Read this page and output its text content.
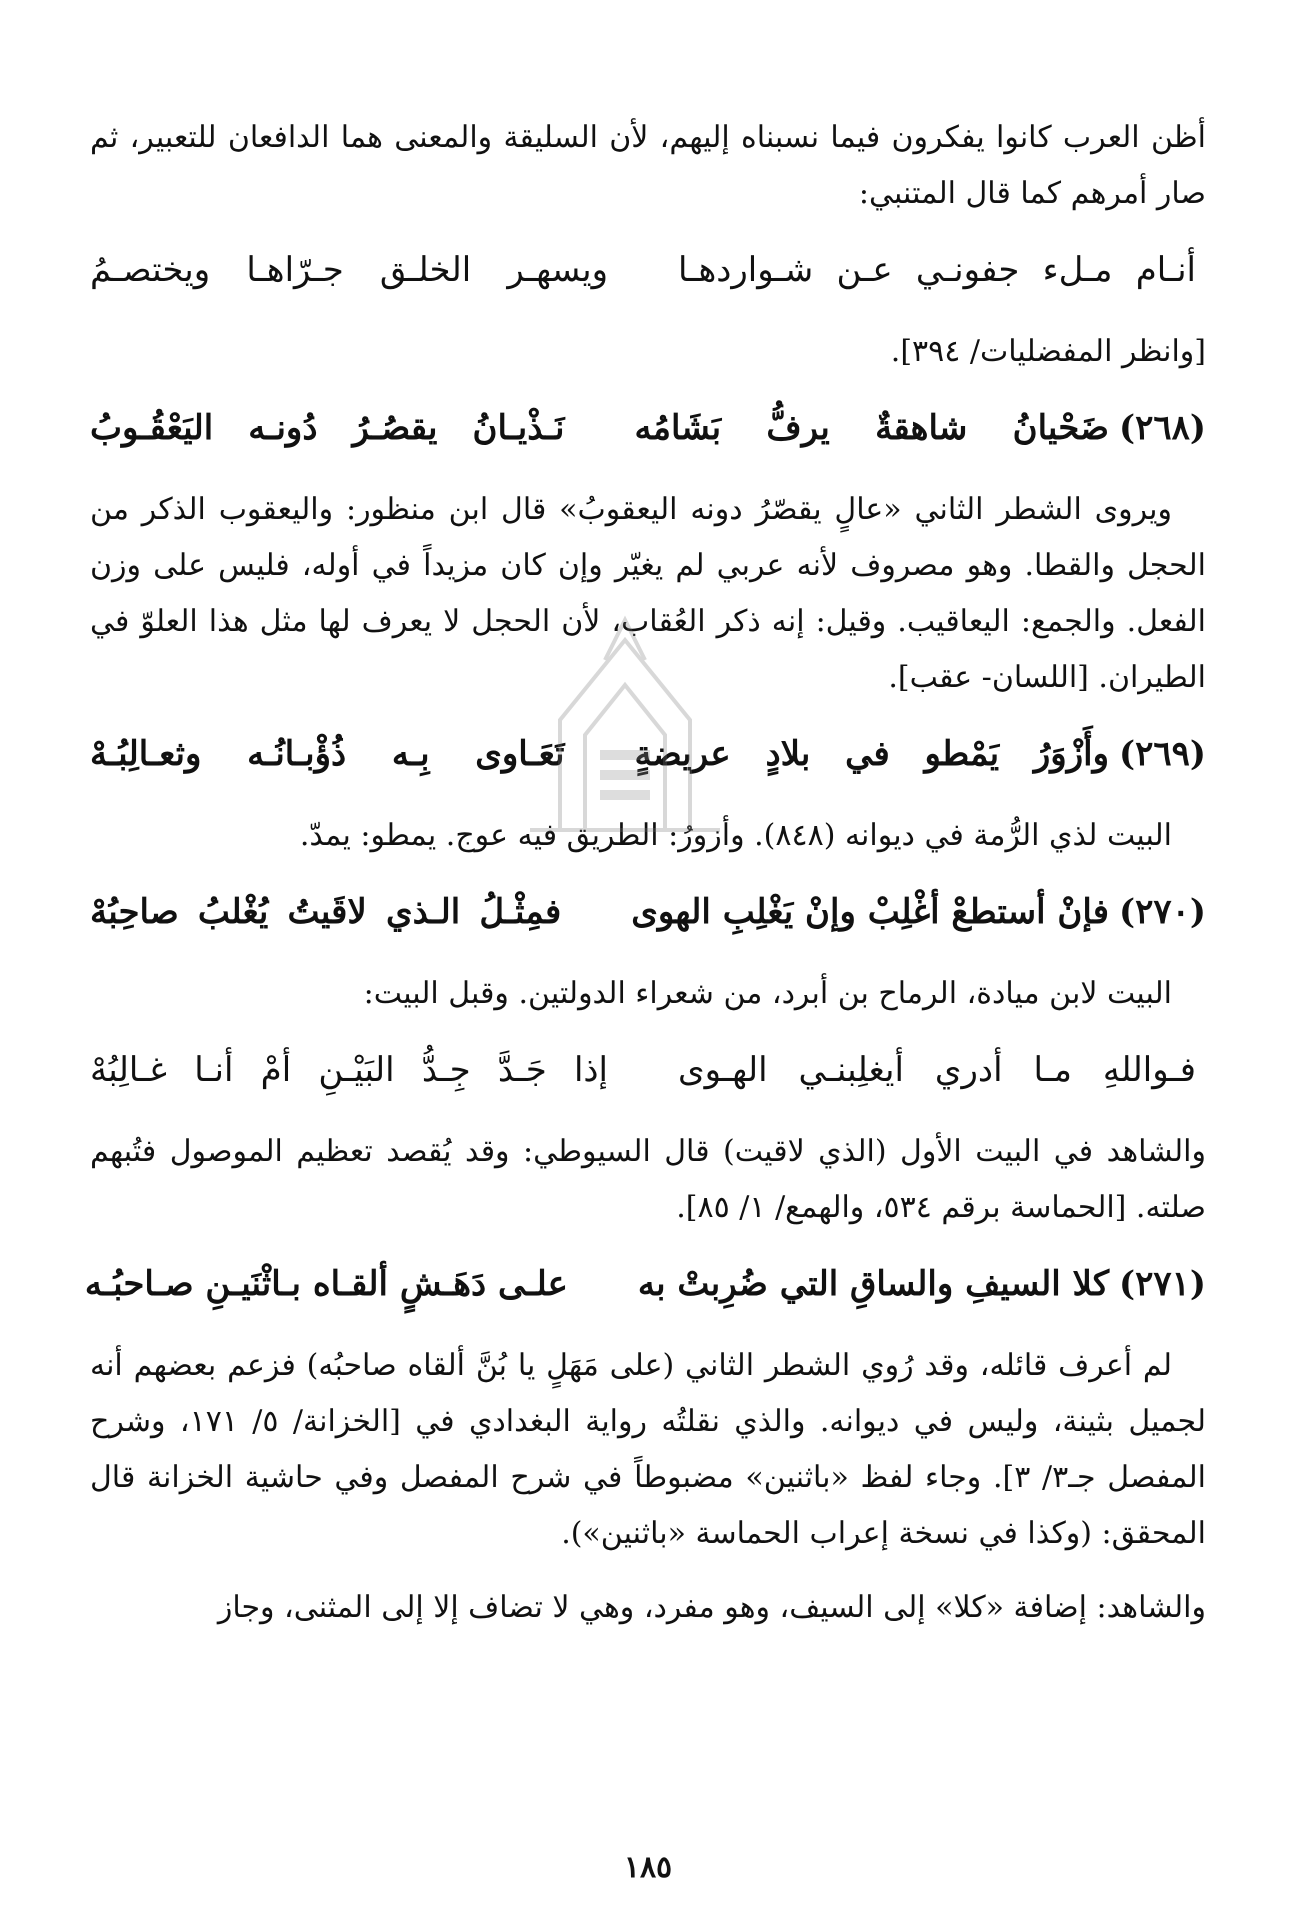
أظن العرب كانوا يفكرون فيما نسبناه إليهم، لأن السليقة والمعنى هما الدافعان للتعبير، ثم صار أمرهم كما قال المتنبي:

أنـام مـلء جفونـي عـن شـواردهـا
ويسهـر الخلـق جـرّاهـا ويختصـمُ

[وانظر المفضليات/ ٣٩٤].

(٢٦٨)
ضَحْيانُ شاهقةٌ يرفُّ بَشَامُه
نَـذْيـانُ يقصُـرُ دُونـه اليَعْقُـوبُ

ويروى الشطر الثاني «عالٍ يقصّرُ دونه اليعقوبُ» قال ابن منظور: واليعقوب الذكر من الحجل والقطا. وهو مصروف لأنه عربي لم يغيّر وإن كان مزيداً في أوله، فليس على وزن الفعل. والجمع: اليعاقيب. وقيل: إنه ذكر العُقاب، لأن الحجل لا يعرف لها مثل هذا العلوّ في الطيران. [اللسان- عقب].

(٢٦٩)
وأَزْوَرُ يَمْطو في بلادٍ عريضةٍ
تَعَـاوى بِـه ذُؤْبـانُـه وثعـالِبُـهْ

البيت لذي الرُّمة في ديوانه (٨٤٨). وأزورُ: الطريق فيه عوج. يمطو: يمدّ.

(٢٧٠)
فإنْ أستطعْ أغْلِبْ وإنْ يَغْلِبِ الهوى
فمِثْـلُ الـذي لاقَيتُ يُغْلبُ صاحِبُهْ

البيت لابن ميادة، الرماح بن أبرد، من شعراء الدولتين. وقبل البيت:

فـواللهِ مـا أدري أيغلِبنـي الهـوى
إذا جَـدَّ جِـدُّ البَيْـنِ أمْ أنـا غـالِبُهْ

والشاهد في البيت الأول (الذي لاقيت) قال السيوطي: وقد يُقصد تعظيم الموصول فتُبهم صلته. [الحماسة برقم ٥٣٤، والهمع/ ١/ ٨٥].

(٢٧١)
كلا السيفِ والساقِ التي ضُرِبتْ به
علـى دَهَـشٍ ألقـاه بـاثْنَيـنِ صـاحبُـه

لم أعرف قائله، وقد رُوي الشطر الثاني (على مَهَلٍ يا بُنَّ ألقاه صاحبُه) فزعم بعضهم أنه لجميل بثينة، وليس في ديوانه. والذي نقلتُه رواية البغدادي في [الخزانة/ ٥/ ١٧١، وشرح المفصل جـ٣/ ٣]. وجاء لفظ «باثنين» مضبوطاً في شرح المفصل وفي حاشية الخزانة قال المحقق: (وكذا في نسخة إعراب الحماسة «باثنين»).

والشاهد: إضافة «كلا» إلى السيف، وهو مفرد، وهي لا تضاف إلا إلى المثنى، وجاز

١٨٥
